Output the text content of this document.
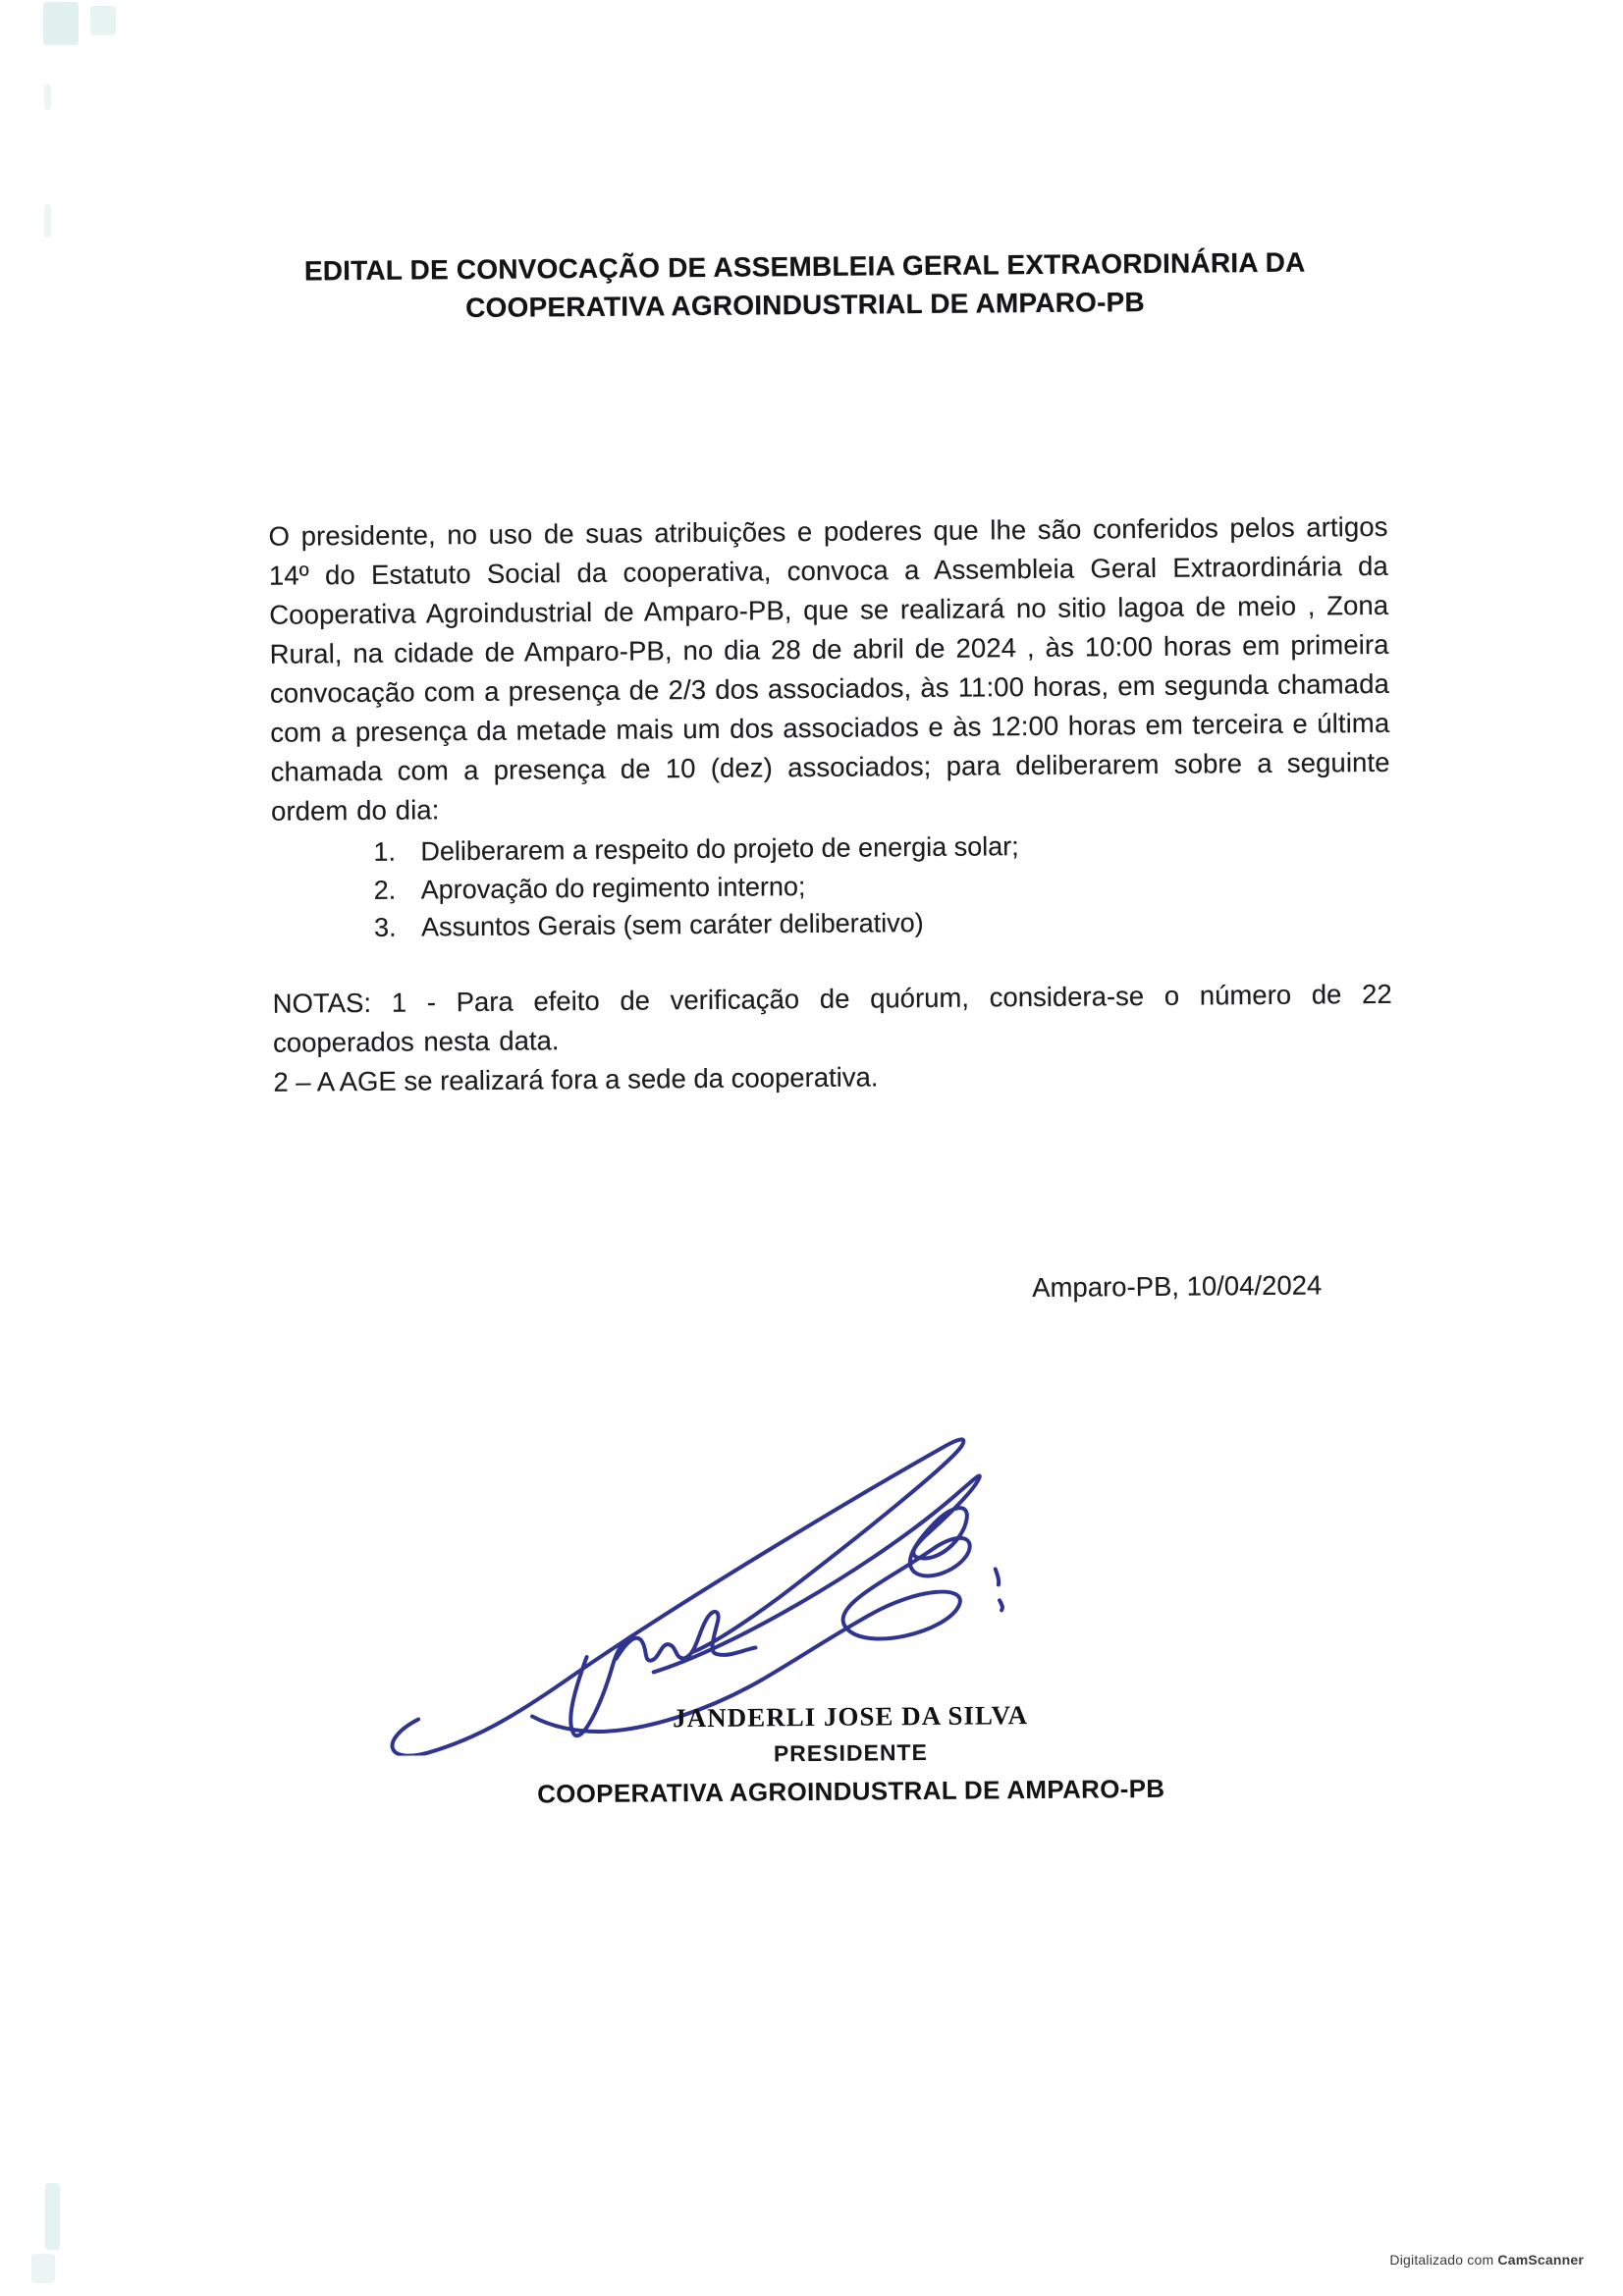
EDITAL DE CONVOCAÇÃO DE ASSEMBLEIA GERAL EXTRAORDINÁRIA DA
COOPERATIVA AGROINDUSTRIAL DE AMPARO-PB

O presidente, no uso de suas atribuições e poderes que lhe são conferidos pelos artigos 14º do Estatuto Social da cooperativa, convoca a Assembleia Geral Extraordinária da Cooperativa Agroindustrial de Amparo-PB, que se realizará no sitio lagoa de meio , Zona Rural, na cidade de Amparo-PB, no dia 28 de abril de 2024 , às 10:00 horas em primeira convocação com a presença de 2/3 dos associados, às 11:00 horas, em segunda chamada com a presença da metade mais um dos associados e às 12:00 horas em terceira e última chamada com a presença de 10 (dez) associados; para deliberarem sobre a seguinte ordem do dia:

1. Deliberarem a respeito do projeto de energia solar;
2. Aprovação do regimento interno;
3. Assuntos Gerais (sem caráter deliberativo)

NOTAS: 1 - Para efeito de verificação de quórum, considera-se o número de 22 cooperados nesta data.

2 – A AGE se realizará fora a sede da cooperativa.

Amparo-PB, 10/04/2024
JANDERLI JOSE DA SILVA
PRESIDENTE
COOPERATIVA AGROINDUSTRAL DE AMPARO-PB
Digitalizado com CamScanner
